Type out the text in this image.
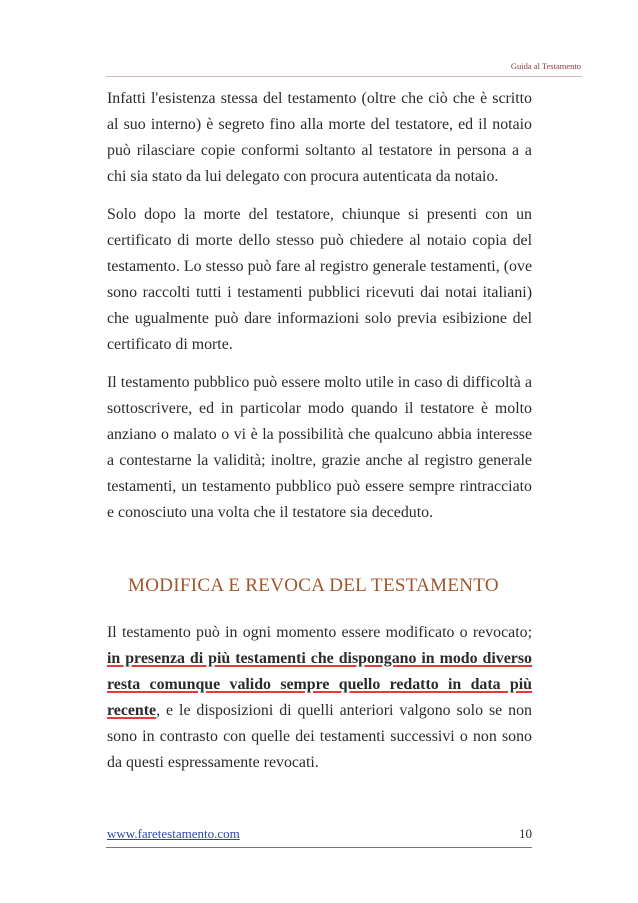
Guida al Testamento

Infatti l'esistenza stessa del testamento (oltre che ciò che è scritto al suo interno) è segreto fino alla morte del testatore, ed il notaio può rilasciare copie conformi soltanto al testatore in persona a a chi sia stato da lui delegato con procura autenticata da notaio.

Solo dopo la morte del testatore, chiunque si presenti con un certificato di morte dello stesso può chiedere al notaio copia del testamento. Lo stesso può fare al registro generale testamenti, (ove sono raccolti tutti i testamenti pubblici ricevuti dai notai italiani) che ugualmente può dare informazioni solo previa esibizione del certificato di morte.

Il testamento pubblico può essere molto utile in caso di difficoltà a sottoscrivere, ed in particolar modo quando il testatore è molto anziano o malato o vi è la possibilità che qualcuno abbia interesse a contestarne la validità; inoltre, grazie anche al registro generale testamenti, un testamento pubblico può essere sempre rintracciato e conosciuto una volta che il testatore sia deceduto.

MODIFICA E REVOCA DEL TESTAMENTO

Il testamento può in ogni momento essere modificato o revocato; in presenza di più testamenti che dispongano in modo diverso resta comunque valido sempre quello redatto in data più recente, e le disposizioni di quelli anteriori valgono solo se non sono in contrasto con quelle dei testamenti successivi o non sono da questi espressamente revocati.

www.faretestamento.com	10
